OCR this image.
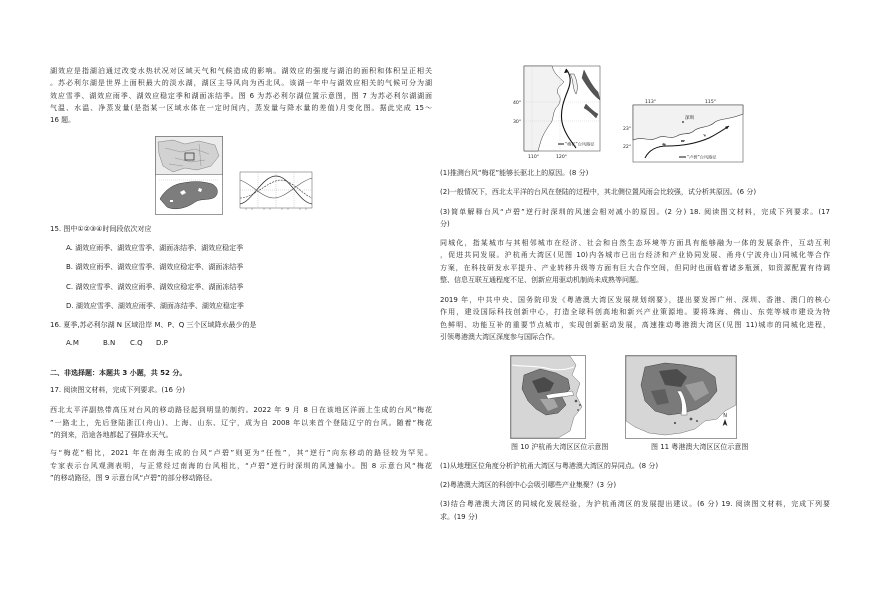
湖效应是指湖泊通过改变水热状况对区域天气和气候造成的影响。湖效应的强度与湖泊的面积和体积呈正相关
。苏必利尔湖是世界上面积最大的淡水湖，湖区主导风向为西北风。该湖一年中与湖效应相关的气候可分为湖
效应雪季、湖效应雨季、湖效应稳定季和湖面冻结季。图 6 为苏必利尔湖位置示意图，图 7 为苏必利尔湖湖面
气温、水温、净蒸发量(是指某一区域水体在一定时间内，蒸发量与降水量的差值)月变化图。据此完成 15～
16 题。
15. 图中①②③④时间段依次对应
A. 湖效应雨季、湖效应雪季、湖面冻结季、湖效应稳定季
B. 湖效应雨季、湖效应雪季、湖效应稳定季、湖面冻结季
C. 湖效应雪季、湖效应雨季、湖效应稳定季、湖面冻结季
D. 湖效应雪季、湖效应雨季、湖面冻结季、湖效应稳定季
16. 夏季,苏必利尔湖 N 区域沿岸 M、P、Q 三个区域降水最少的是
A.M	B.N C.Q D.P
二、非选择题：本题共 3 小题，共 52 分。
17. 阅读图文材料，完成下列要求。(16 分)
西北太平洋副热带高压对台风的移动路径起到明显的制约。2022 年 9 月 8 日在该地区洋面上生成的台风“梅花
”一路北上，先后登陆浙江(舟山)、上海、山东、辽宁，成为自 2008 年以来首个登陆辽宁的台风。随着“梅花
”的到来，沿途各地都起了强降水天气。
与“梅花”相比，2021 年在南海生成的台风“卢碧”则更为“任性”，其“逆行”向东移动的路径较为罕见。
专家表示台风观测表明，与正常经过南海的台风相比，“卢碧”逆行时深圳的风速偏小。图 8 示意台风“梅花
”的移动路径，图 9 示意台风“卢碧”的部分移动路径。
40°
30°
110°	120°
“梅花”台风路径
113°	115°
23°
22°
深圳
“卢碧”台风路径
(1)推测台风“梅花”能够长驱北上的原因。(8 分)
(2)一般情况下，西北太平洋的台风在登陆的过程中，其北侧位置风雨会比较强，试分析其原因。(6 分)
(3)简单解释台风“卢碧”逆行时深圳的风速会相对减小的原因。(2 分) 18. 阅读图文材料，完成下列要求。(17
分)
同城化，指某城市与其相邻城市在经济、社会和自然生态环境等方面具有能够融为一体的发展条件，互动互利
，促进共同发展。沪杭甬大湾区(见图 10)内各城市已出台经济和产业协同发展、甬舟(宁波舟山)同城化等合作
方案，在科技研发水平提升、产业转移升级等方面有巨大合作空间，但同时也面临着诸多瓶颈，如资源配置有待调
整、信息互联互通程度不足、创新应用驱动机制尚未成熟等问题。
2019 年，中共中央、国务院印发《粤港澳大湾区发展规划纲要》，提出要发挥广州、深圳、香港、澳门的核心
作用，建设国际科技创新中心，打造全球科创高地和新兴产业策源地。要将珠海、佛山、东莞等城市建设为特
色鲜明、功能互补的重要节点城市，实现创新驱动发展，高速推动粤港澳大湾区(见图 11)城市的同城化进程，
引领粤港澳大湾区深度参与国际合作。
N
图 10 沪杭甬大湾区区位示意图	图 11 粤港澳大湾区区位示意图
(1)从地理区位角度分析沪杭甬大湾区与粤港澳大湾区的异同点。(8 分)
(2)粤港澳大湾区的科创中心会吸引哪些产业集聚？(3 分)
(3)结合粤港澳大湾区的同城化发展经验，为沪杭甬湾区的发展提出建议。(6 分) 19. 阅读图文材料，完成下列要
求。(19 分)
